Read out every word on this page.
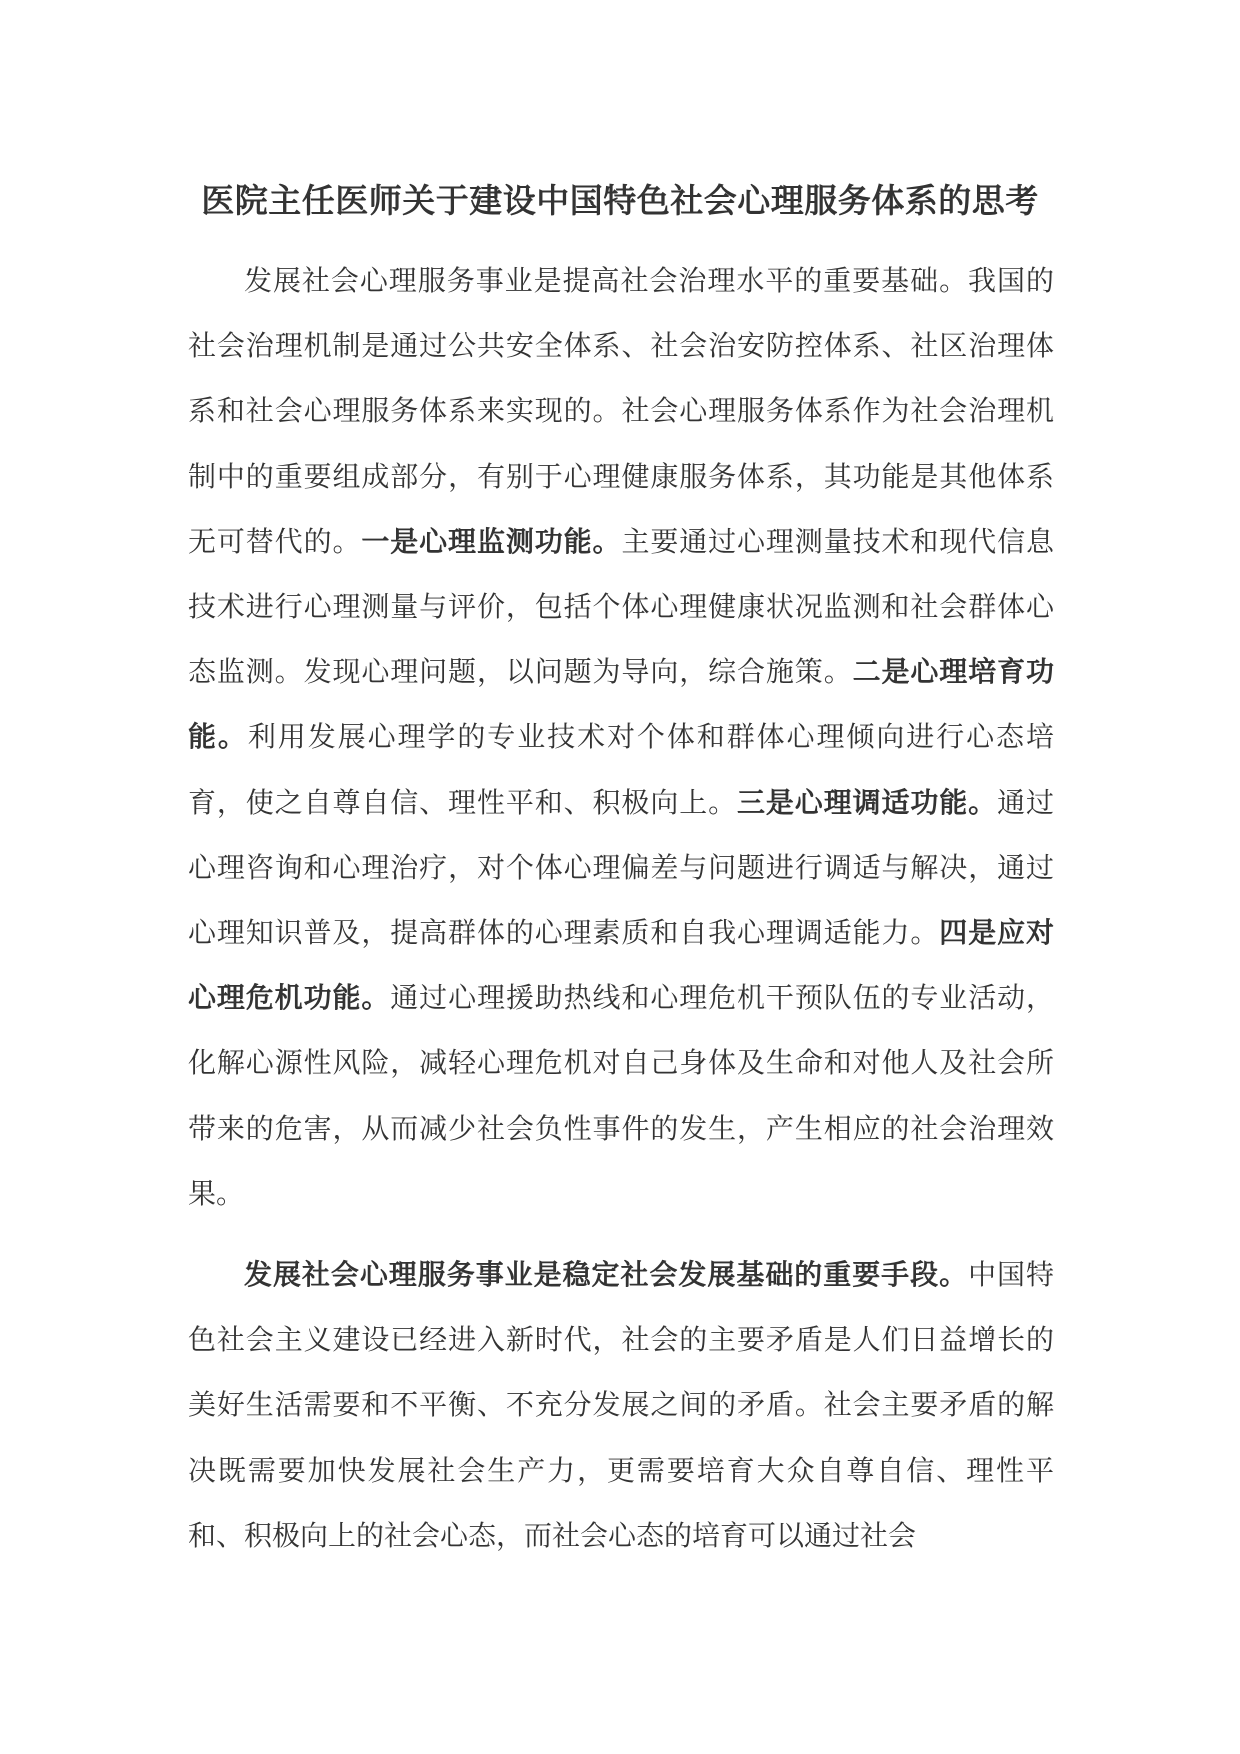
医院主任医师关于建设中国特色社会心理服务体系的思考

发展社会心理服务事业是提高社会治理水平的重要基础。我国的社会治理机制是通过公共安全体系、社会治安防控体系、社区治理体系和社会心理服务体系来实现的。社会心理服务体系作为社会治理机制中的重要组成部分，有别于心理健康服务体系，其功能是其他体系无可替代的。一是心理监测功能。主要通过心理测量技术和现代信息技术进行心理测量与评价，包括个体心理健康状况监测和社会群体心态监测。发现心理问题，以问题为导向，综合施策。二是心理培育功能。利用发展心理学的专业技术对个体和群体心理倾向进行心态培育，使之自尊自信、理性平和、积极向上。三是心理调适功能。通过心理咨询和心理治疗，对个体心理偏差与问题进行调适与解决，通过心理知识普及，提高群体的心理素质和自我心理调适能力。四是应对心理危机功能。通过心理援助热线和心理危机干预队伍的专业活动，化解心源性风险，减轻心理危机对自己身体及生命和对他人及社会所带来的危害，从而减少社会负性事件的发生，产生相应的社会治理效果。

发展社会心理服务事业是稳定社会发展基础的重要手段。中国特色社会主义建设已经进入新时代，社会的主要矛盾是人们日益增长的美好生活需要和不平衡、不充分发展之间的矛盾。社会主要矛盾的解决既需要加快发展社会生产力，更需要培育大众自尊自信、理性平和、积极向上的社会心态，而社会心态的培育可以通过社会
